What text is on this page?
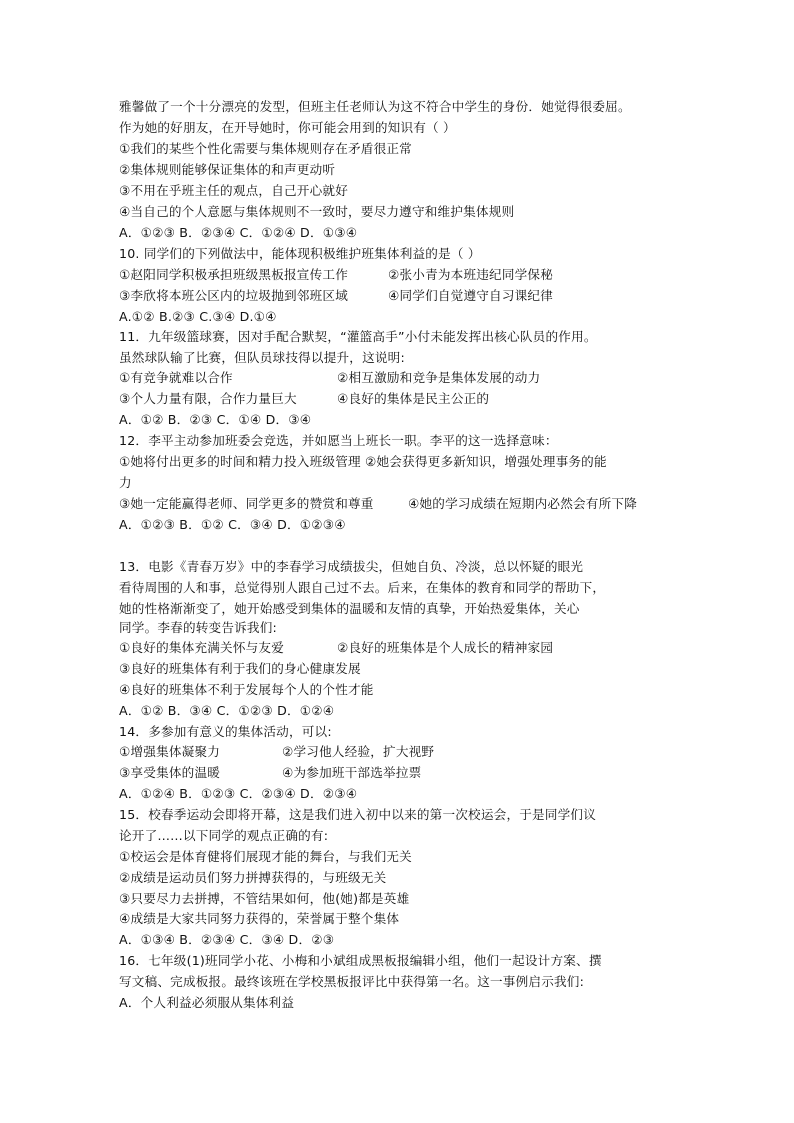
雅馨做了一个十分漂亮的发型，但班主任老师认为这不符合中学生的身份．她觉得很委屈。
作为她的好朋友，在开导她时，你可能会用到的知识有（ ）
①我们的某些个性化需要与集体规则存在矛盾很正常
②集体规则能够保证集体的和声更动听
③不用在乎班主任的观点，自己开心就好
④当自己的个人意愿与集体规则不一致时，要尽力遵守和维护集体规则
A．①②③ B．②③④ C．①②④ D．①③④
10. 同学们的下列做法中，能体现积极维护班集体利益的是（ ）
①赵阳同学积极承担班级黑板报宣传工作	②张小青为本班违纪同学保秘
③李欣将本班公区内的垃圾抛到邻班区域	④同学们自觉遵守自习课纪律
A.①② B.②③ C.③④ D.①④
11．九年级篮球赛，因对手配合默契，“灌篮高手”小付未能发挥出核心队员的作用。
虽然球队输了比赛，但队员球技得以提升，这说明:
①有竞争就难以合作	②相互激励和竞争是集体发展的动力
③个人力量有限，合作力量巨大	④良好的集体是民主公正的
A．①② B．②③ C．①④ D．③④
12．李平主动参加班委会竞选，并如愿当上班长一职。李平的这一选择意味：
①她将付出更多的时间和精力投入班级管理 ②她会获得更多新知识，增强处理事务的能
力
③她一定能赢得老师、同学更多的赞赏和尊重	④她的学习成绩在短期内必然会有所下降
A．①②③ B．①② C．③④ D．①②③④
13．电影《青春万岁》中的李春学习成绩拔尖，但她自负、冷淡，总以怀疑的眼光
看待周围的人和事，总觉得别人跟自己过不去。后来，在集体的教育和同学的帮助下，
她的性格渐渐变了，她开始感受到集体的温暖和友情的真挚，开始热爱集体，关心
同学。李春的转变告诉我们:
①良好的集体充满关怀与友爱	②良好的班集体是个人成长的精神家园
③良好的班集体有利于我们的身心健康发展
④良好的班集体不利于发展每个人的个性才能
A．①② B．③④ C．①②③ D．①②④
14．多参加有意义的集体活动，可以:
①增强集体凝聚力	②学习他人经验，扩大视野
③享受集体的温暖	④为参加班干部选举拉票
A．①②④ B．①②③ C．②③④ D．②③④
15．校春季运动会即将开幕，这是我们进入初中以来的第一次校运会，于是同学们议
论开了……以下同学的观点正确的有:
①校运会是体育健将们展现才能的舞台，与我们无关
②成绩是运动员们努力拼搏获得的，与班级无关
③只要尽力去拼搏，不管结果如何，他(她)都是英雄
④成绩是大家共同努力获得的，荣誉属于整个集体
A．①③④ B．②③④ C．③④ D．②③
16．七年级(1)班同学小花、小梅和小斌组成黑板报编辑小组，他们一起设计方案、撰
写文稿、完成板报。最终该班在学校黑板报评比中获得第一名。这一事例启示我们:
A．个人利益必须服从集体利益
